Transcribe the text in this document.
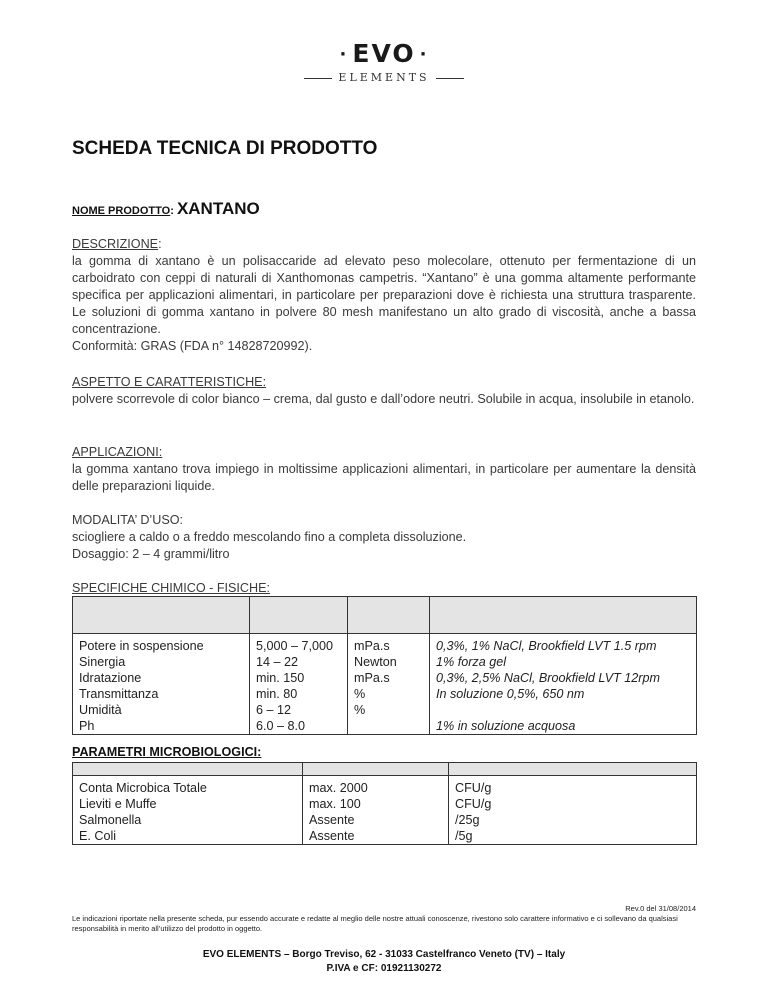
· EVO ·
ELEMENTS
SCHEDA TECNICA DI PRODOTTO
NOME PRODOTTO: XANTANO
DESCRIZIONE:

la gomma di xantano è un polisaccaride ad elevato peso molecolare, ottenuto per fermentazione di un carboidrato con ceppi di naturali di Xanthomonas campetris. “Xantano” è una gomma altamente performante specifica per applicazioni alimentari, in particolare per preparazioni dove è richiesta una struttura trasparente. Le soluzioni di gomma xantano in polvere 80 mesh manifestano un alto grado di viscosità, anche a bassa concentrazione.

Conformità: GRAS (FDA n° 14828720992).
ASPETTO E CARATTERISTICHE:

polvere scorrevole di color bianco – crema, dal gusto e dall’odore neutri. Solubile in acqua, insolubile in etanolo.

APPLICAZIONI:

la gomma xantano trova impiego in moltissime applicazioni alimentari, in particolare per aumentare la densità delle preparazioni liquide.

MODALITA’ D’USO:
sciogliere a caldo o a freddo mescolando fino a completa dissoluzione.
Dosaggio: 2 – 4 grammi/litro
SPECIFICHE CHIMICO - FISICHE:

Potere in sospensione	5,000 – 7,000	mPa.s	0,3%, 1% NaCl, Brookfield LVT 1.5 rpm
Sinergia	14 – 22	Newton	1% forza gel
Idratazione	min. 150	mPa.s	0,3%, 2,5% NaCl, Brookfield LVT 12rpm
Transmittanza	min. 80	%	In soluzione 0,5%, 650 nm
Umidità	6 – 12	%	
Ph	6.0 – 8.0		1% in soluzione acquosa
PARAMETRI MICROBIOLOGICI:

Conta Microbica Totale	max. 2000	CFU/g
Lieviti e Muffe	max. 100	CFU/g
Salmonella	Assente	/25g
E. Coli	Assente	/5g
Rev.0 del 31/08/2014

Le indicazioni riportate nella presente scheda, pur essendo accurate e redatte al meglio delle nostre attuali conoscenze, rivestono solo carattere informativo e ci sollevano da qualsiasi responsabilità in merito all’utilizzo del prodotto in oggetto.

EVO ELEMENTS – Borgo Treviso, 62 - 31033 Castelfranco Veneto (TV) – Italy
P.IVA e CF: 01921130272
